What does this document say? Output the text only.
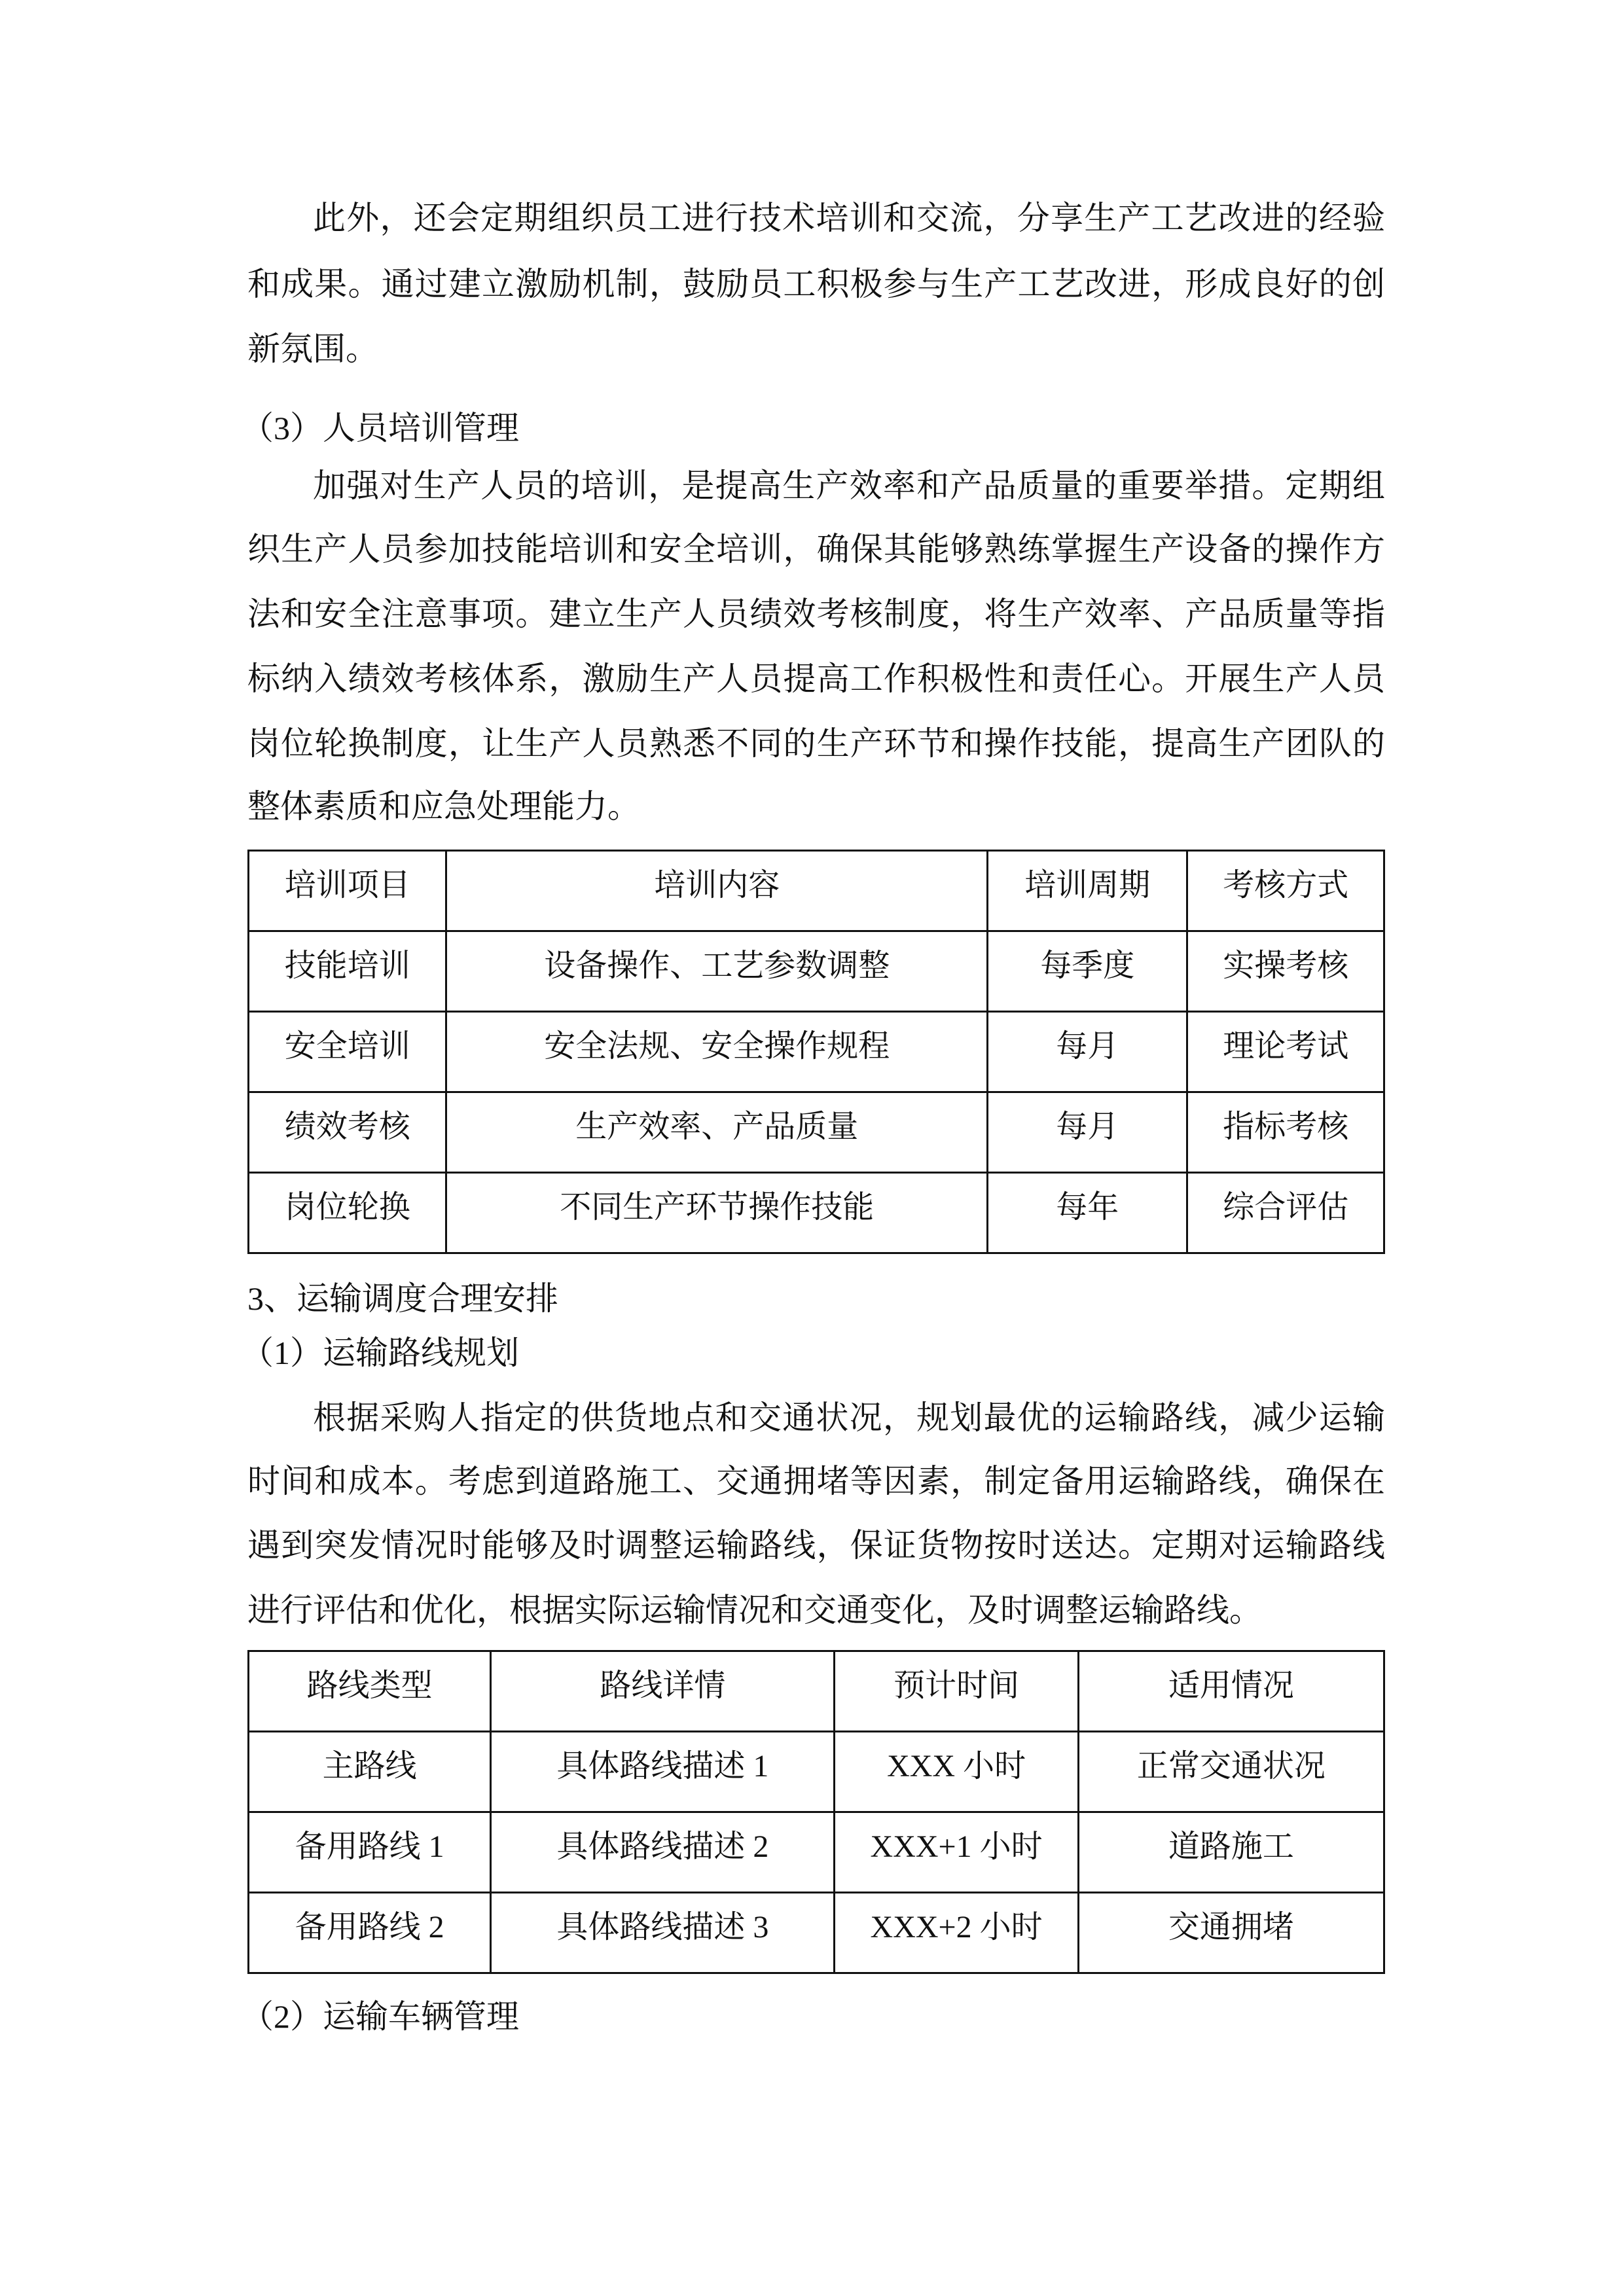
此外，还会定期组织员工进行技术培训和交流，分享生产工艺改进的经验
和成果。通过建立激励机制，鼓励员工积极参与生产工艺改进，形成良好的创
新氛围。
（3）人员培训管理
加强对生产人员的培训，是提高生产效率和产品质量的重要举措。定期组
织生产人员参加技能培训和安全培训，确保其能够熟练掌握生产设备的操作方
法和安全注意事项。建立生产人员绩效考核制度，将生产效率、产品质量等指
标纳入绩效考核体系，激励生产人员提高工作积极性和责任心。开展生产人员
岗位轮换制度，让生产人员熟悉不同的生产环节和操作技能，提高生产团队的
整体素质和应急处理能力。
培训项目	培训内容	培训周期	考核方式
技能培训	设备操作、工艺参数调整	每季度	实操考核
安全培训	安全法规、安全操作规程	每月	理论考试
绩效考核	生产效率、产品质量	每月	指标考核
岗位轮换	不同生产环节操作技能	每年	综合评估
3、运输调度合理安排
（1）运输路线规划
根据采购人指定的供货地点和交通状况，规划最优的运输路线，减少运输
时间和成本。考虑到道路施工、交通拥堵等因素，制定备用运输路线，确保在
遇到突发情况时能够及时调整运输路线，保证货物按时送达。定期对运输路线
进行评估和优化，根据实际运输情况和交通变化，及时调整运输路线。
路线类型	路线详情	预计时间	适用情况
主路线	具体路线描述 1	XXX 小时	正常交通状况
备用路线 1	具体路线描述 2	XXX+1 小时	道路施工
备用路线 2	具体路线描述 3	XXX+2 小时	交通拥堵
（2）运输车辆管理
